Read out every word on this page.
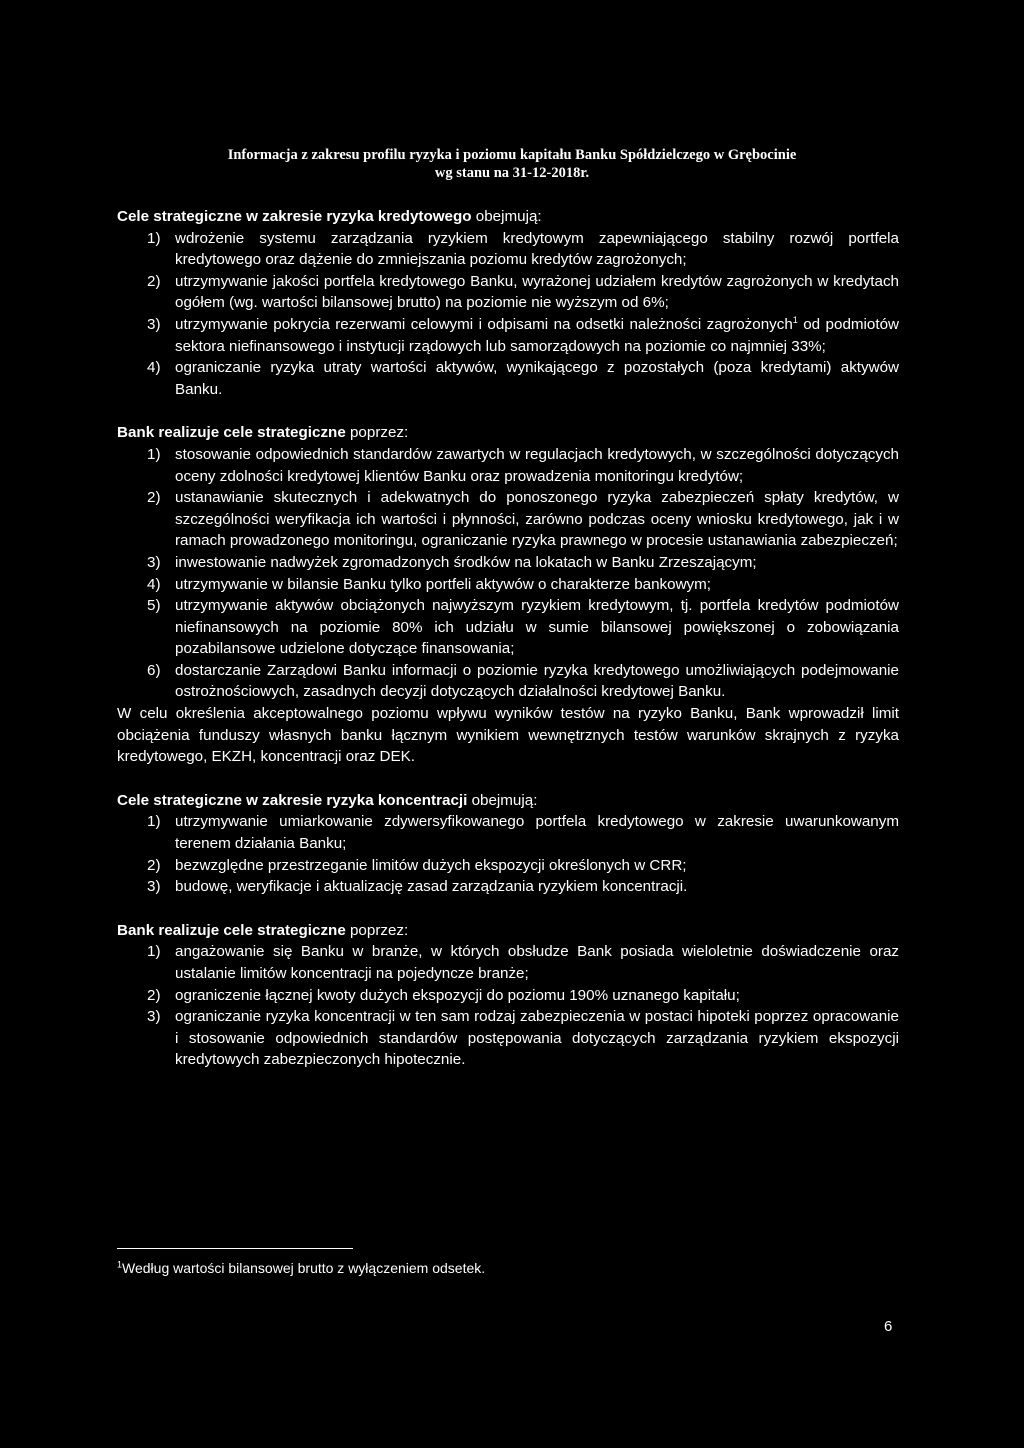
Informacja z zakresu profilu ryzyka i poziomu kapitału Banku Spółdzielczego w Grębocinie
wg stanu na 31-12-2018r.

Cele strategiczne w zakresie ryzyka kredytowego obejmują:

1) wdrożenie systemu zarządzania ryzykiem kredytowym zapewniającego stabilny rozwój portfela kredytowego oraz dążenie do zmniejszania poziomu kredytów zagrożonych;
2) utrzymywanie jakości portfela kredytowego Banku, wyrażonej udziałem kredytów zagrożonych w kredytach ogółem (wg. wartości bilansowej brutto) na poziomie nie wyższym od 6%;
3) utrzymywanie pokrycia rezerwami celowymi i odpisami na odsetki należności zagrożonych$^1$ od podmiotów sektora niefinansowego i instytucji rządowych lub samorządowych na poziomie co najmniej 33%;
4) ograniczanie ryzyka utraty wartości aktywów, wynikającego z pozostałych (poza kredytami) aktywów Banku.

Bank realizuje cele strategiczne poprzez:

1) stosowanie odpowiednich standardów zawartych w regulacjach kredytowych, w szczególności dotyczących oceny zdolności kredytowej klientów Banku oraz prowadzenia monitoringu kredytów;
2) ustanawianie skutecznych i adekwatnych do ponoszonego ryzyka zabezpieczeń spłaty kredytów, w szczególności weryfikacja ich wartości i płynności, zarówno podczas oceny wniosku kredytowego, jak i w ramach prowadzonego monitoringu, ograniczanie ryzyka prawnego w procesie ustanawiania zabezpieczeń;
3) inwestowanie nadwyżek zgromadzonych środków na lokatach w Banku Zrzeszającym;
4) utrzymywanie w bilansie Banku tylko portfeli aktywów o charakterze bankowym;
5) utrzymywanie aktywów obciążonych najwyższym ryzykiem kredytowym, tj. portfela kredytów podmiotów niefinansowych na poziomie 80% ich udziału w sumie bilansowej powiększonej o zobowiązania pozabilansowe udzielone dotyczące finansowania;
6) dostarczanie Zarządowi Banku informacji o poziomie ryzyka kredytowego umożliwiających podejmowanie ostrożnościowych, zasadnych decyzji dotyczących działalności kredytowej Banku.

W celu określenia akceptowalnego poziomu wpływu wyników testów na ryzyko Banku, Bank wprowadził limit obciążenia funduszy własnych banku łącznym wynikiem wewnętrznych testów warunków skrajnych z ryzyka kredytowego, EKZH, koncentracji oraz DEK.

Cele strategiczne w zakresie ryzyka koncentracji obejmują:

1) utrzymywanie umiarkowanie zdywersyfikowanego portfela kredytowego w zakresie uwarunkowanym terenem działania Banku;
2) bezwzględne przestrzeganie limitów dużych ekspozycji określonych w CRR;
3) budowę, weryfikacje i aktualizację zasad zarządzania ryzykiem koncentracji.

Bank realizuje cele strategiczne poprzez:

1) angażowanie się Banku w branże, w których obsłudze Bank posiada wieloletnie doświadczenie oraz ustalanie limitów koncentracji na pojedyncze branże;
2) ograniczenie łącznej kwoty dużych ekspozycji do poziomu 190% uznanego kapitału;
3) ograniczanie ryzyka koncentracji w ten sam rodzaj zabezpieczenia w postaci hipoteki poprzez opracowanie i stosowanie odpowiednich standardów postępowania dotyczących zarządzania ryzykiem ekspozycji kredytowych zabezpieczonych hipotecznie.
$^1$Według wartości bilansowej brutto z wyłączeniem odsetek.
6
